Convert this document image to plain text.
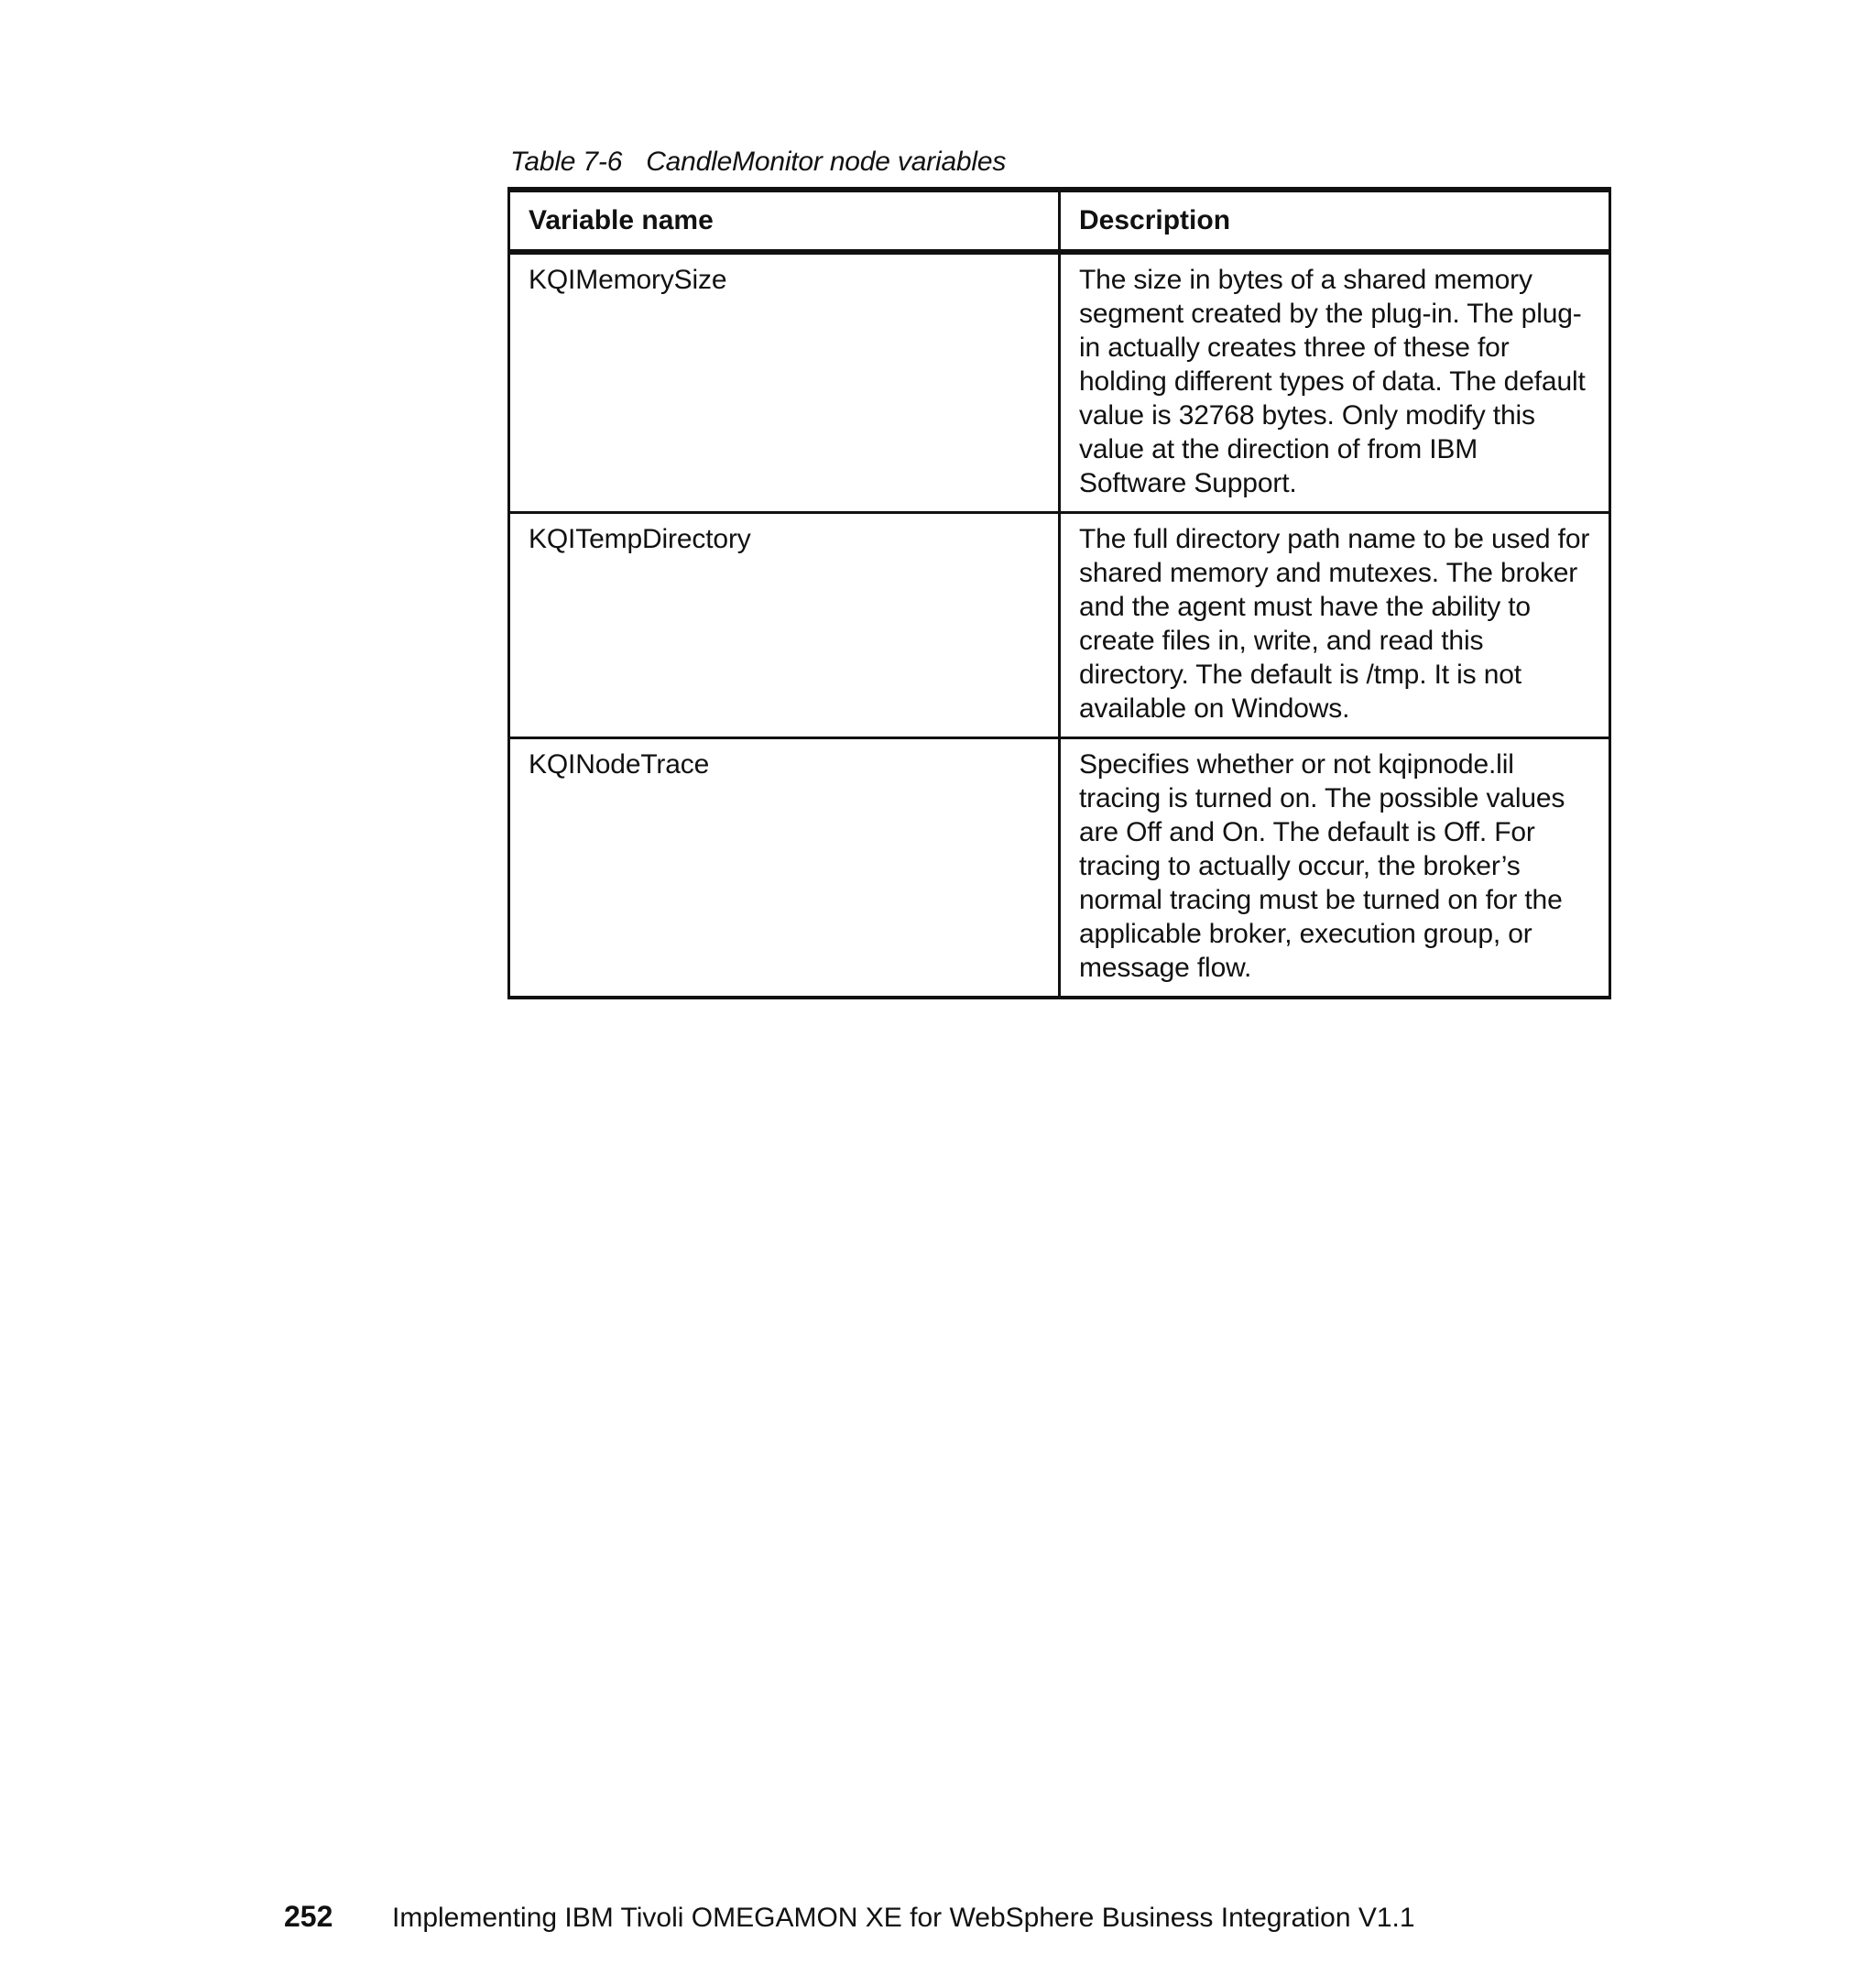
Table 7-6 CandleMonitor node variables
Variable name	Description
KQIMemorySize	The size in bytes of a shared memory segment created by the plug-in. The plug-in actually creates three of these for holding different types of data. The default value is 32768 bytes. Only modify this value at the direction of from IBM Software Support.
KQITempDirectory	The full directory path name to be used for shared memory and mutexes. The broker and the agent must have the ability to create files in, write, and read this directory. The default is /tmp. It is not available on Windows.
KQINodeTrace	Specifies whether or not kqipnode.lil tracing is turned on. The possible values are Off and On. The default is Off. For tracing to actually occur, the broker’s normal tracing must be turned on for the applicable broker, execution group, or message flow.
252 Implementing IBM Tivoli OMEGAMON XE for WebSphere Business Integration V1.1
